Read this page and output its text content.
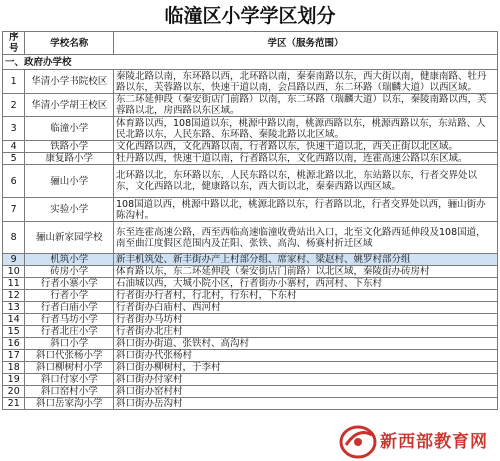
临潼区小学学区划分
序号	学校名称	学区（服务范围）
一、政府办学校		
1	华清小学书院校区	秦陵北路以南，东环路以西，北环路以南，秦秦南路以东，西大街以南，健康南路、牡丹路以东，芙蓉路以东，快速干道以南，会昌路以西，东二环路（瑞麟大道）以西区域。
2	华清小学胡王校区	东二环延伸段（秦安街店门前路）以南，东二环路（瑞麟大道）以东，秦陵南路以西，芙蓉路以北，房西路以东区域。
3	临潼小学	体育路以西，108国道以东，桃源中路以南，桃源西路以东，桃源西路以东，东站路、人民北路以东，人民东路、东环路、秦陵北路以北区域。
4	铁路小学	文化西路以西，文化西路以南，行者路以东，快速干道以北，西关正街以北区域。
5	康复路小学	牡丹路以西，快速干道以南，行者路以东，文化西路以南，连霍高速公路以东区域。
6	骊山小学	北环路以北，东环路以东，人民东路以东，桃源北路以北，东站路以东，行者交界处以东，文化西路以北，健康路以东，西大街以北，秦秦西路以西区域。
7	实验小学	108国道以西，桃源中路以北，桃源北路以东，行者路以北，行者交界处以西，骊山街办陈沟村。
8	骊山新家园学校	东至连霍高速公路，西至西临高速临潼收费站出入口，北至文化路西延伸段及108国道，南至曲江度假区范围内及芷阳、张铁、高沟、杨赛村折迁区域
9	机筑小学	新丰机筑处、新丰街办产上村部分组、席家村、梁赵村、姚罗村部分组
10	砖房小学	体育路以东，东二环延伸段（秦安街店门前路）以北区域，秦陵街办砖房村
11	行者小寨小学	石油城以西，大城小院小区，行者街办小寨村，西河村、下东村
12	行者小学	行者街办行者村，行北村，行东村，下东村
13	行者白庙小学	行者街办白庙村、西河村
14	行者马坊小学	行者街办马坊村
15	行者北庄小学	行者街办北庄村
16	斜口小学	斜口街办街道、张铁村、高沟村
17	斜口代张杨小学	斜口街办代张杨村
18	斜口柳树村小学	斜口街办柳树村，于李村
19	斜口付家小学	斜口街办付家村
20	斜口窑村小学	斜口街办窑村村
21	斜口岳家沟小学	斜口街办岳沟村
新西部教育网
